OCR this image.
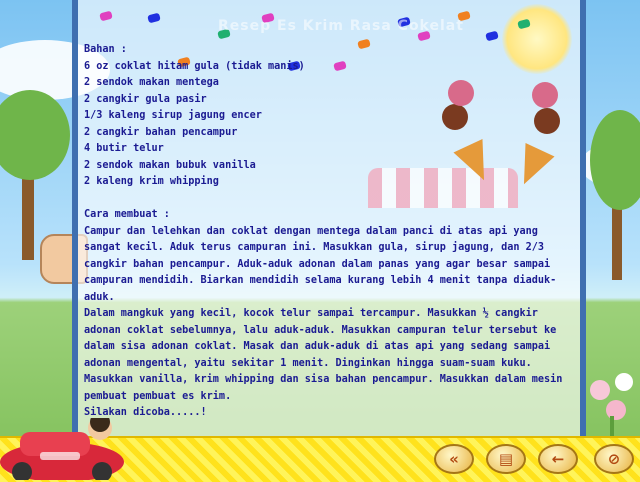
Resep Es Krim Rasa Cokelat
Bahan :
6 oz coklat hitam gula (tidak manis)
2 sendok makan mentega
2 cangkir gula pasir
1/3 kaleng sirup jagung encer
2 cangkir bahan pencampur
4 butir telur
2 sendok makan bubuk vanilla
2 kaleng krim whipping
Cara membuat :
Campur dan lelehkan dan coklat dengan mentega dalam panci di atas api yang sangat kecil. Aduk terus campuran ini. Masukkan gula, sirup jagung, dan 2/3 cangkir bahan pencampur. Aduk-aduk adonan dalam panas yang agar besar sampai campuran mendidih. Biarkan mendidih selama kurang lebih 4 menit tanpa diaduk-aduk.
Dalam mangkuk yang kecil, kocok telur sampai tercampur. Masukkan ½ cangkir adonan coklat sebelumnya, lalu aduk-aduk. Masukkan campuran telur tersebut ke dalam sisa adonan coklat. Masak dan aduk-aduk di atas api yang sedang sampai adonan mengental, yaitu sekitar 1 menit. Dinginkan hingga suam-suam kuku.
Masukkan vanilla, krim whipping dan sisa bahan pencampur. Masukkan dalam mesin pembuat pembuat es krim.
Silakan dicoba.....!
«	▤	←	⊘
